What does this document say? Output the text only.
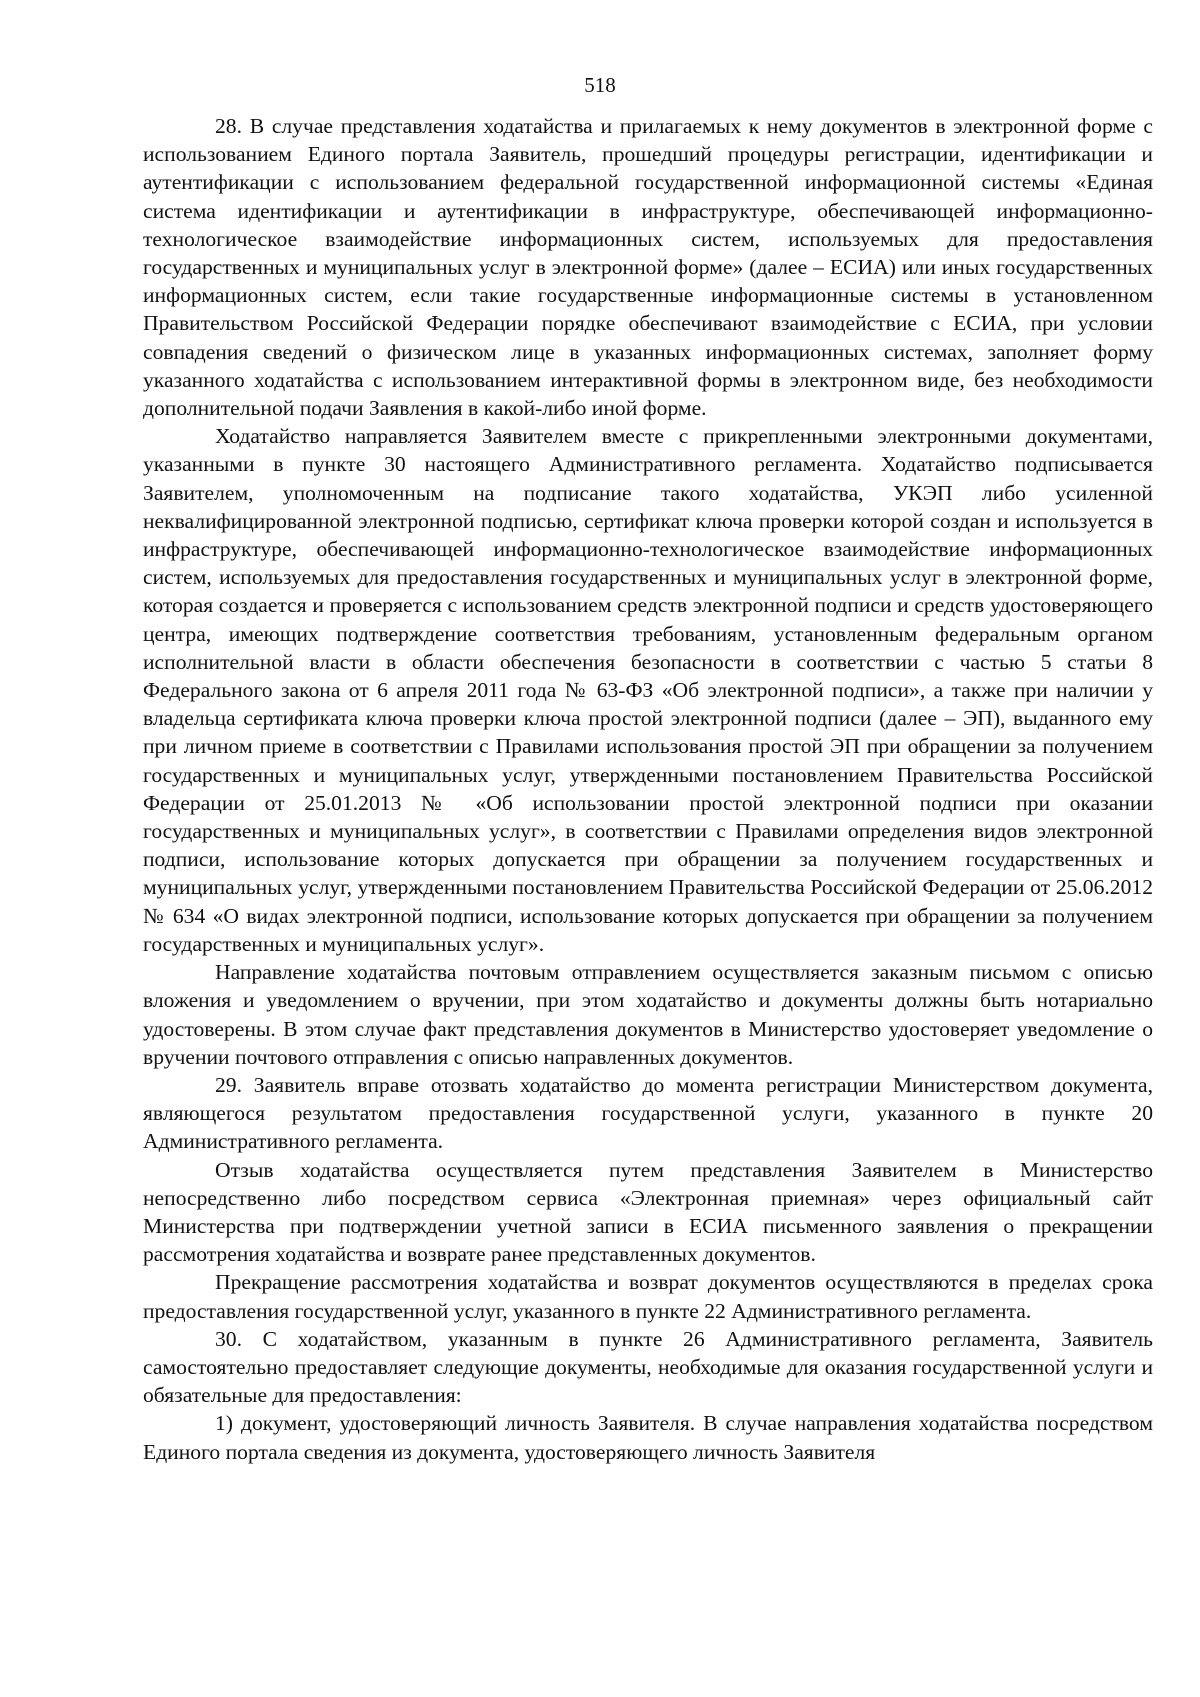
518

28. В случае представления ходатайства и прилагаемых к нему документов в электронной форме с использованием Единого портала Заявитель, прошедший процедуры регистрации, идентификации и аутентификации с использованием федеральной государственной информационной системы «Единая система идентификации и аутентификации в инфраструктуре, обеспечивающей информационно-технологическое взаимодействие информационных систем, используемых для предоставления государственных и муниципальных услуг в электронной форме» (далее – ЕСИА) или иных государственных информационных систем, если такие государственные информационные системы в установленном Правительством Российской Федерации порядке обеспечивают взаимодействие с ЕСИА, при условии совпадения сведений о физическом лице в указанных информационных системах, заполняет форму указанного ходатайства с использованием интерактивной формы в электронном виде, без необходимости дополнительной подачи Заявления в какой-либо иной форме.

Ходатайство направляется Заявителем вместе с прикрепленными электронными документами, указанными в пункте 30 настоящего Административного регламента. Ходатайство подписывается Заявителем, уполномоченным на подписание такого ходатайства, УКЭП либо усиленной неквалифицированной электронной подписью, сертификат ключа проверки которой создан и используется в инфраструктуре, обеспечивающей информационно-технологическое взаимодействие информационных систем, используемых для предоставления государственных и муниципальных услуг в электронной форме, которая создается и проверяется с использованием средств электронной подписи и средств удостоверяющего центра, имеющих подтверждение соответствия требованиям, установленным федеральным органом исполнительной власти в области обеспечения безопасности в соответствии с частью 5 статьи 8 Федерального закона от 6 апреля 2011 года № 63-ФЗ «Об электронной подписи», а также при наличии у владельца сертификата ключа проверки ключа простой электронной подписи (далее – ЭП), выданного ему при личном приеме в соответствии с Правилами использования простой ЭП при обращении за получением государственных и муниципальных услуг, утвержденными постановлением Правительства Российской Федерации от 25.01.2013 № «Об использовании простой электронной подписи при оказании государственных и муниципальных услуг», в соответствии с Правилами определения видов электронной подписи, использование которых допускается при обращении за получением государственных и муниципальных услуг, утвержденными постановлением Правительства Российской Федерации от 25.06.2012 № 634 «О видах электронной подписи, использование которых допускается при обращении за получением государственных и муниципальных услуг».

Направление ходатайства почтовым отправлением осуществляется заказным письмом с описью вложения и уведомлением о вручении, при этом ходатайство и документы должны быть нотариально удостоверены. В этом случае факт представления документов в Министерство удостоверяет уведомление о вручении почтового отправления с описью направленных документов.

29. Заявитель вправе отозвать ходатайство до момента регистрации Министерством документа, являющегося результатом предоставления государственной услуги, указанного в пункте 20 Административного регламента.

Отзыв ходатайства осуществляется путем представления Заявителем в Министерство непосредственно либо посредством сервиса «Электронная приемная» через официальный сайт Министерства при подтверждении учетной записи в ЕСИА письменного заявления о прекращении рассмотрения ходатайства и возврате ранее представленных документов.

Прекращение рассмотрения ходатайства и возврат документов осуществляются в пределах срока предоставления государственной услуг, указанного в пункте 22 Административного регламента.

30. С ходатайством, указанным в пункте 26 Административного регламента, Заявитель самостоятельно предоставляет следующие документы, необходимые для оказания государственной услуги и обязательные для предоставления:

1) документ, удостоверяющий личность Заявителя. В случае направления ходатайства посредством Единого портала сведения из документа, удостоверяющего личность Заявителя
